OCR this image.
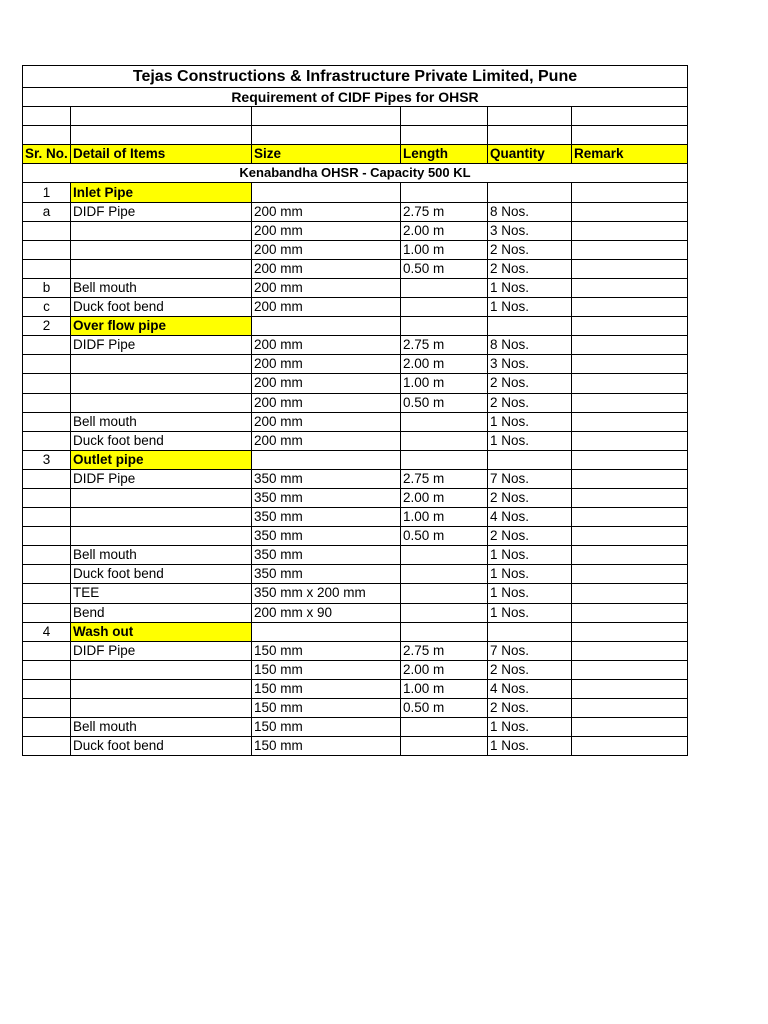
Tejas Constructions & Infrastructure Private Limited, Pune					
Requirement of CIDF Pipes for OHSR					

Sr. No.	Detail of Items	Size	Length	Quantity	Remark
Kenabandha OHSR - Capacity 500 KL					
1	Inlet Pipe				
a	DIDF Pipe	200 mm	2.75 m	8 Nos.	
		200 mm	2.00 m	3 Nos.	
		200 mm	1.00 m	2 Nos.	
		200 mm	0.50 m	2 Nos.	
b	Bell mouth	200 mm		1 Nos.	
c	Duck foot bend	200 mm		1 Nos.	
2	Over flow pipe				
	DIDF Pipe	200 mm	2.75 m	8 Nos.	
		200 mm	2.00 m	3 Nos.	
		200 mm	1.00 m	2 Nos.	
		200 mm	0.50 m	2 Nos.	
	Bell mouth	200 mm		1 Nos.	
	Duck foot bend	200 mm		1 Nos.	
3	Outlet pipe				
	DIDF Pipe	350 mm	2.75 m	7 Nos.	
		350 mm	2.00 m	2 Nos.	
		350 mm	1.00 m	4 Nos.	
		350 mm	0.50 m	2 Nos.	
	Bell mouth	350 mm		1 Nos.	
	Duck foot bend	350 mm		1 Nos.	
	TEE	350 mm x 200 mm		1 Nos.	
	Bend	200 mm x 90		1 Nos.	
4	Wash out				
	DIDF Pipe	150 mm	2.75 m	7 Nos.	
		150 mm	2.00 m	2 Nos.	
		150 mm	1.00 m	4 Nos.	
		150 mm	0.50 m	2 Nos.	
	Bell mouth	150 mm		1 Nos.	
	Duck foot bend	150 mm		1 Nos.	
